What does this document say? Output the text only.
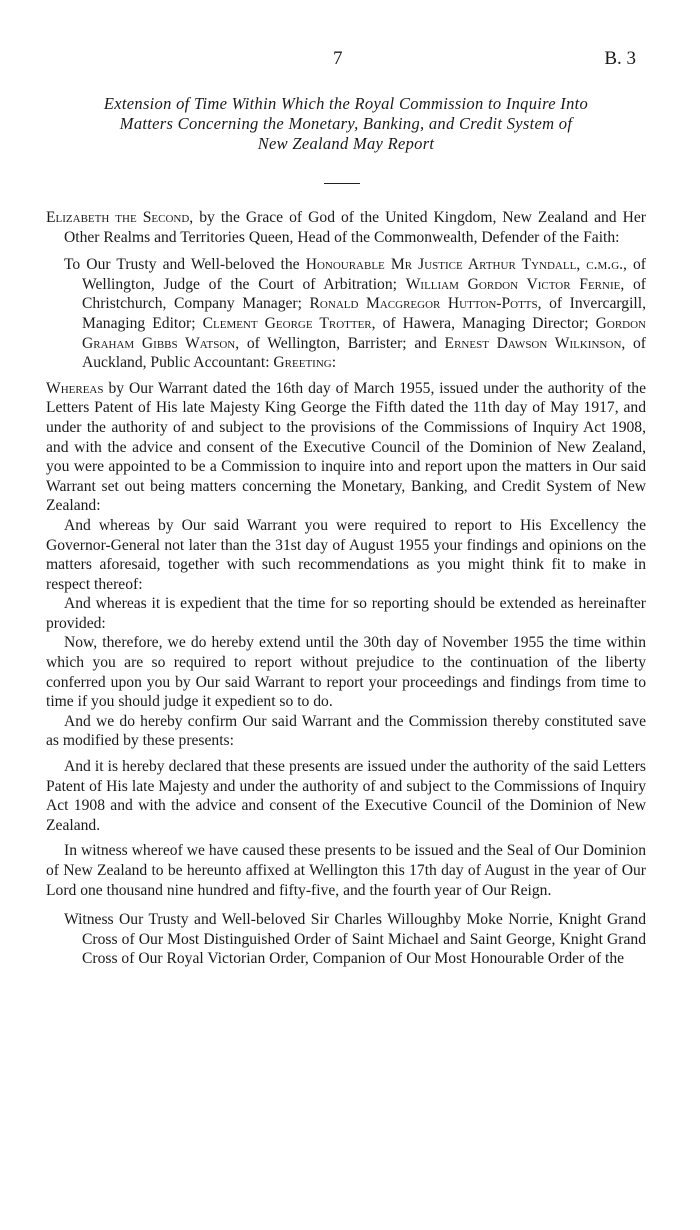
7	B. 3
Extension of Time Within Which the Royal Commission to Inquire Into
Matters Concerning the Monetary, Banking, and Credit System of
New Zealand May Report

Elizabeth the Second, by the Grace of God of the United Kingdom, New Zealand and Her Other Realms and Territories Queen, Head of the Commonwealth, Defender of the Faith:

To Our Trusty and Well-beloved the Honourable Mr Justice Arthur Tyndall, c.m.g., of Wellington, Judge of the Court of Arbitration; William Gordon Victor Fernie, of Christchurch, Company Manager; Ronald Macgregor Hutton-Potts, of Invercargill, Managing Editor; Clement George Trotter, of Hawera, Managing Director; Gordon Graham Gibbs Watson, of Wellington, Barrister; and Ernest Dawson Wilkinson, of Auckland, Public Accountant: Greeting:

Whereas by Our Warrant dated the 16th day of March 1955, issued under the authority of the Letters Patent of His late Majesty King George the Fifth dated the 11th day of May 1917, and under the authority of and subject to the provisions of the Commissions of Inquiry Act 1908, and with the advice and consent of the Executive Council of the Dominion of New Zealand, you were appointed to be a Commission to inquire into and report upon the matters in Our said Warrant set out being matters concerning the Monetary, Banking, and Credit System of New Zealand:

And whereas by Our said Warrant you were required to report to His Excellency the Governor-General not later than the 31st day of August 1955 your findings and opinions on the matters aforesaid, together with such recommendations as you might think fit to make in respect thereof:

And whereas it is expedient that the time for so reporting should be extended as hereinafter provided:

Now, therefore, we do hereby extend until the 30th day of November 1955 the time within which you are so required to report without prejudice to the continuation of the liberty conferred upon you by Our said Warrant to report your proceedings and findings from time to time if you should judge it expedient so to do.

And we do hereby confirm Our said Warrant and the Commission thereby constituted save as modified by these presents:

And it is hereby declared that these presents are issued under the authority of the said Letters Patent of His late Majesty and under the authority of and subject to the Commissions of Inquiry Act 1908 and with the advice and consent of the Executive Council of the Dominion of New Zealand.

In witness whereof we have caused these presents to be issued and the Seal of Our Dominion of New Zealand to be hereunto affixed at Wellington this 17th day of August in the year of Our Lord one thousand nine hundred and fifty-five, and the fourth year of Our Reign.

Witness Our Trusty and Well-beloved Sir Charles Willoughby Moke Norrie, Knight Grand Cross of Our Most Distinguished Order of Saint Michael and Saint George, Knight Grand Cross of Our Royal Victorian Order, Companion of Our Most Honourable Order of the
